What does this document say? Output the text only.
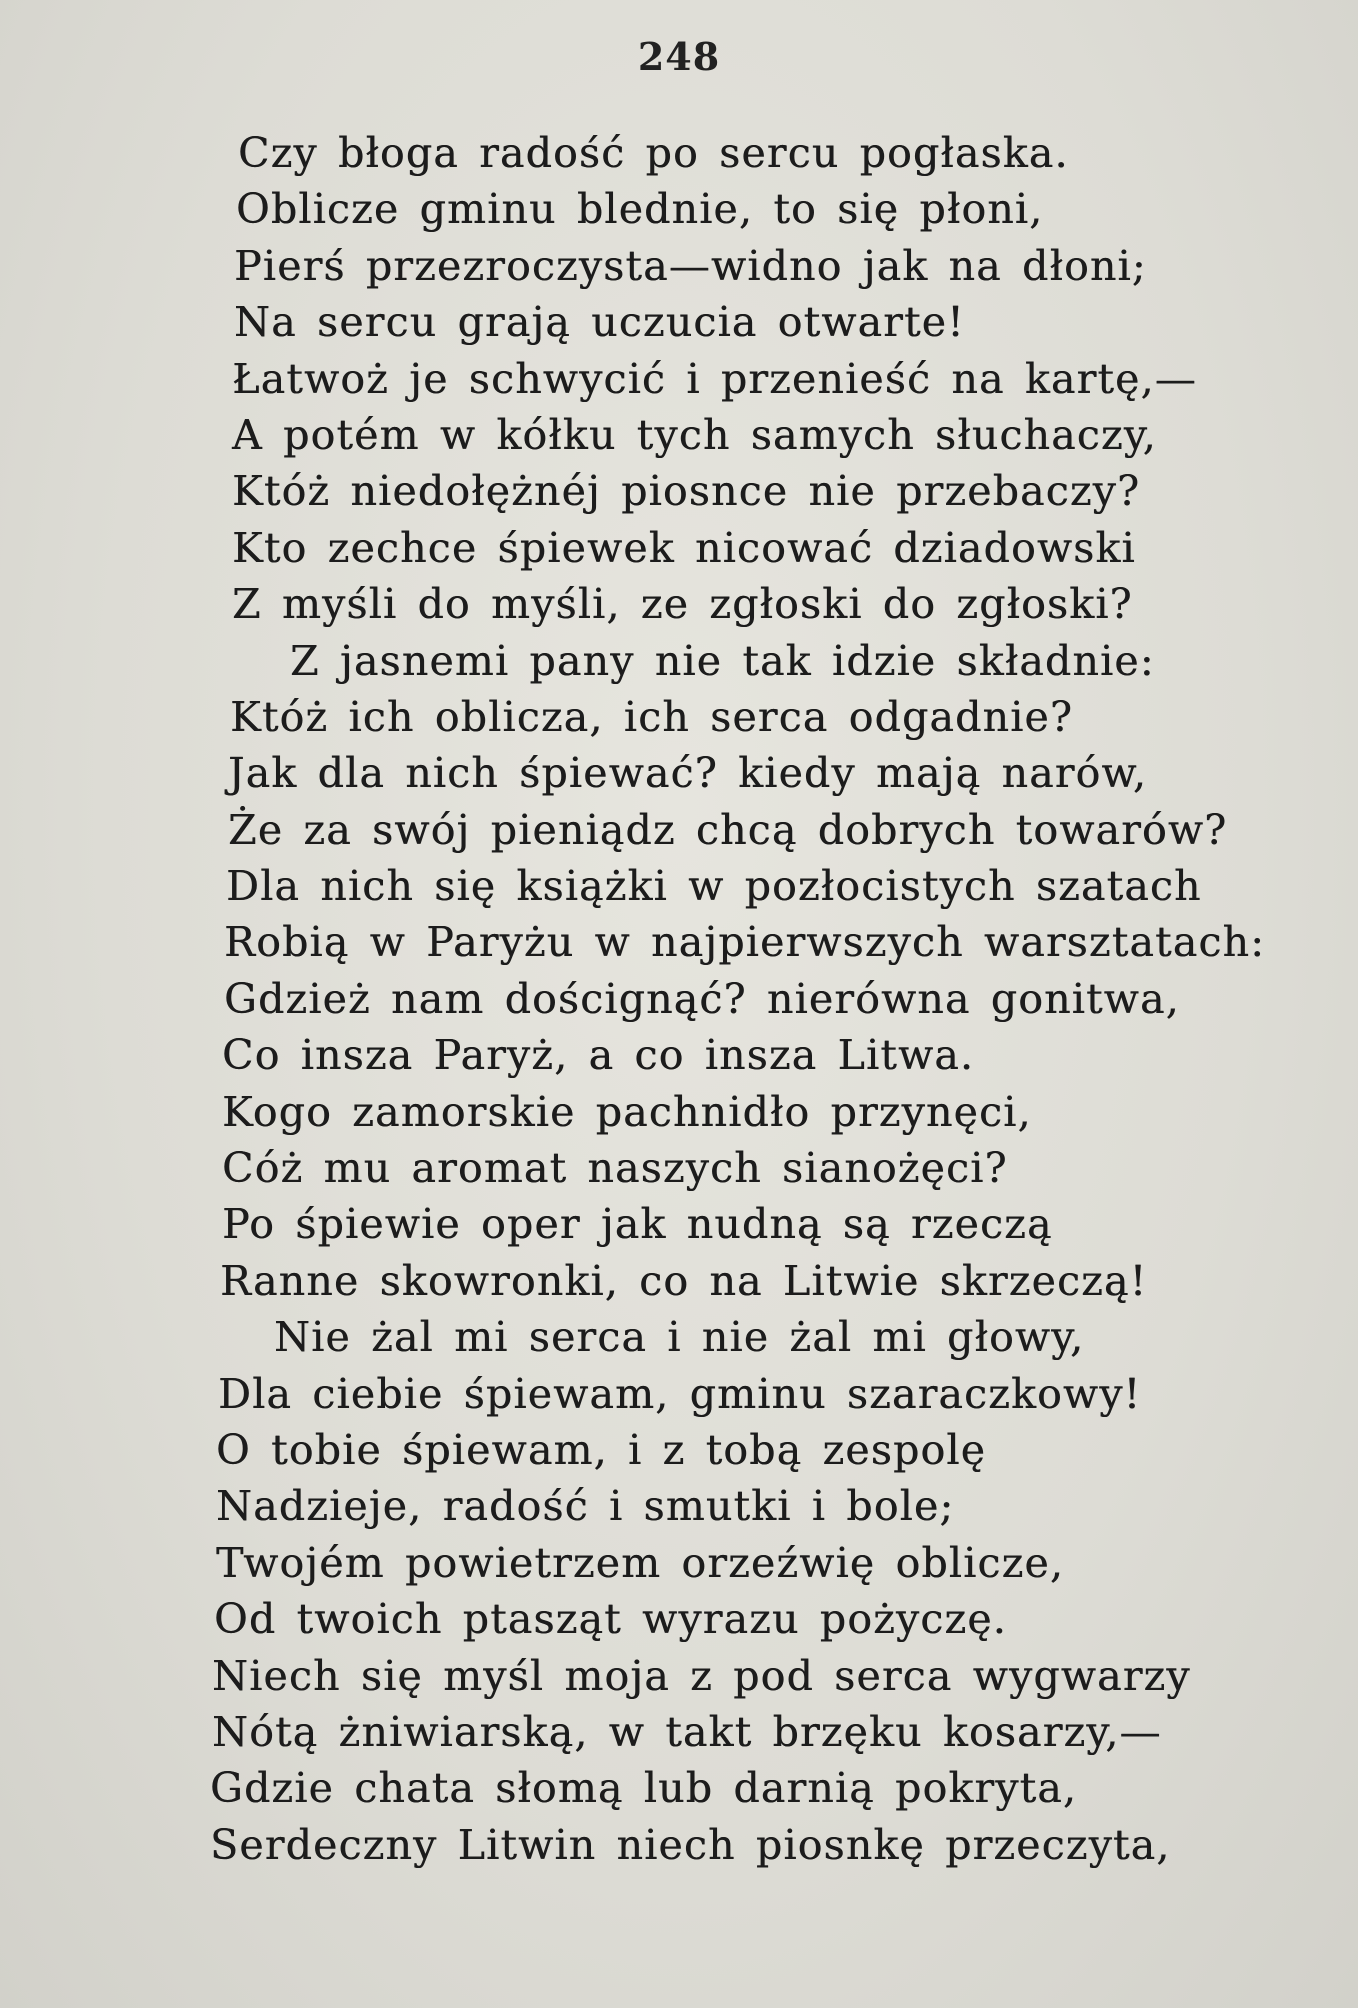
248
Czy błoga radość po sercu pogłaska.
Oblicze gminu blednie, to się płoni,
Pierś przezroczysta—widno jak na dłoni;
Na sercu grają uczucia otwarte!
Łatwoż je schwycić i przenieść na kartę,—
A potém w kółku tych samych słuchaczy,
Któż niedołężnéj piosnce nie przebaczy?
Kto zechce śpiewek nicować dziadowski
Z myśli do myśli, ze zgłoski do zgłoski?
Z jasnemi pany nie tak idzie składnie:
Któż ich oblicza, ich serca odgadnie?
Jak dla nich śpiewać? kiedy mają narów,
Że za swój pieniądz chcą dobrych towarów?
Dla nich się książki w pozłocistych szatach
Robią w Paryżu w najpierwszych warsztatach:
Gdzież nam doścignąć? nierówna gonitwa,
Co insza Paryż, a co insza Litwa.
Kogo zamorskie pachnidło przynęci,
Cóż mu aromat naszych sianożęci?
Po śpiewie oper jak nudną są rzeczą
Ranne skowronki, co na Litwie skrzeczą!
Nie żal mi serca i nie żal mi głowy,
Dla ciebie śpiewam, gminu szaraczkowy!
O tobie śpiewam, i z tobą zespolę
Nadzieje, radość i smutki i bole;
Twojém powietrzem orzeźwię oblicze,
Od twoich ptasząt wyrazu pożyczę.
Niech się myśl moja z pod serca wygwarzy
Nótą żniwiarską, w takt brzęku kosarzy,—
Gdzie chata słomą lub darnią pokryta,
Serdeczny Litwin niech piosnkę przeczyta,
